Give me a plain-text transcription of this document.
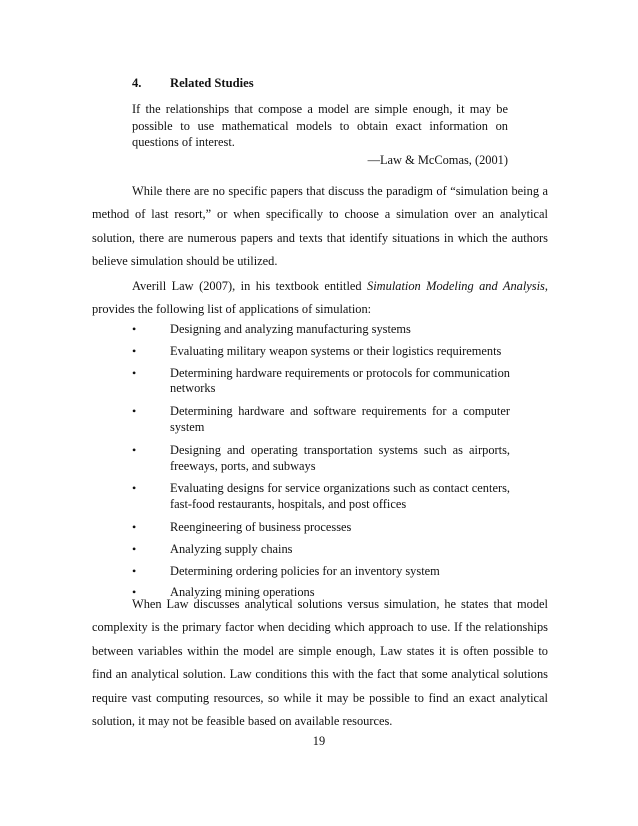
4. Related Studies

If the relationships that compose a model are simple enough, it may be possible to use mathematical models to obtain exact information on questions of interest.

—Law & McComas, (2001)

While there are no specific papers that discuss the paradigm of “simulation being a method of last resort,” or when specifically to choose a simulation over an analytical solution, there are numerous papers and texts that identify situations in which the authors believe simulation should be utilized.

Averill Law (2007), in his textbook entitled Simulation Modeling and Analysis, provides the following list of applications of simulation:

•	Designing and analyzing manufacturing systems
•	Evaluating military weapon systems or their logistics requirements
•	Determining hardware requirements or protocols for communication networks
•	Determining hardware and software requirements for a computer system
•	Designing and operating transportation systems such as airports, freeways, ports, and subways
•	Evaluating designs for service organizations such as contact centers, fast-food restaurants, hospitals, and post offices
•	Reengineering of business processes
•	Analyzing supply chains
•	Determining ordering policies for an inventory system
•	Analyzing mining operations

When Law discusses analytical solutions versus simulation, he states that model complexity is the primary factor when deciding which approach to use. If the relationships between variables within the model are simple enough, Law states it is often possible to find an analytical solution. Law conditions this with the fact that some analytical solutions require vast computing resources, so while it may be possible to find an exact analytical solution, it may not be feasible based on available resources.

19
